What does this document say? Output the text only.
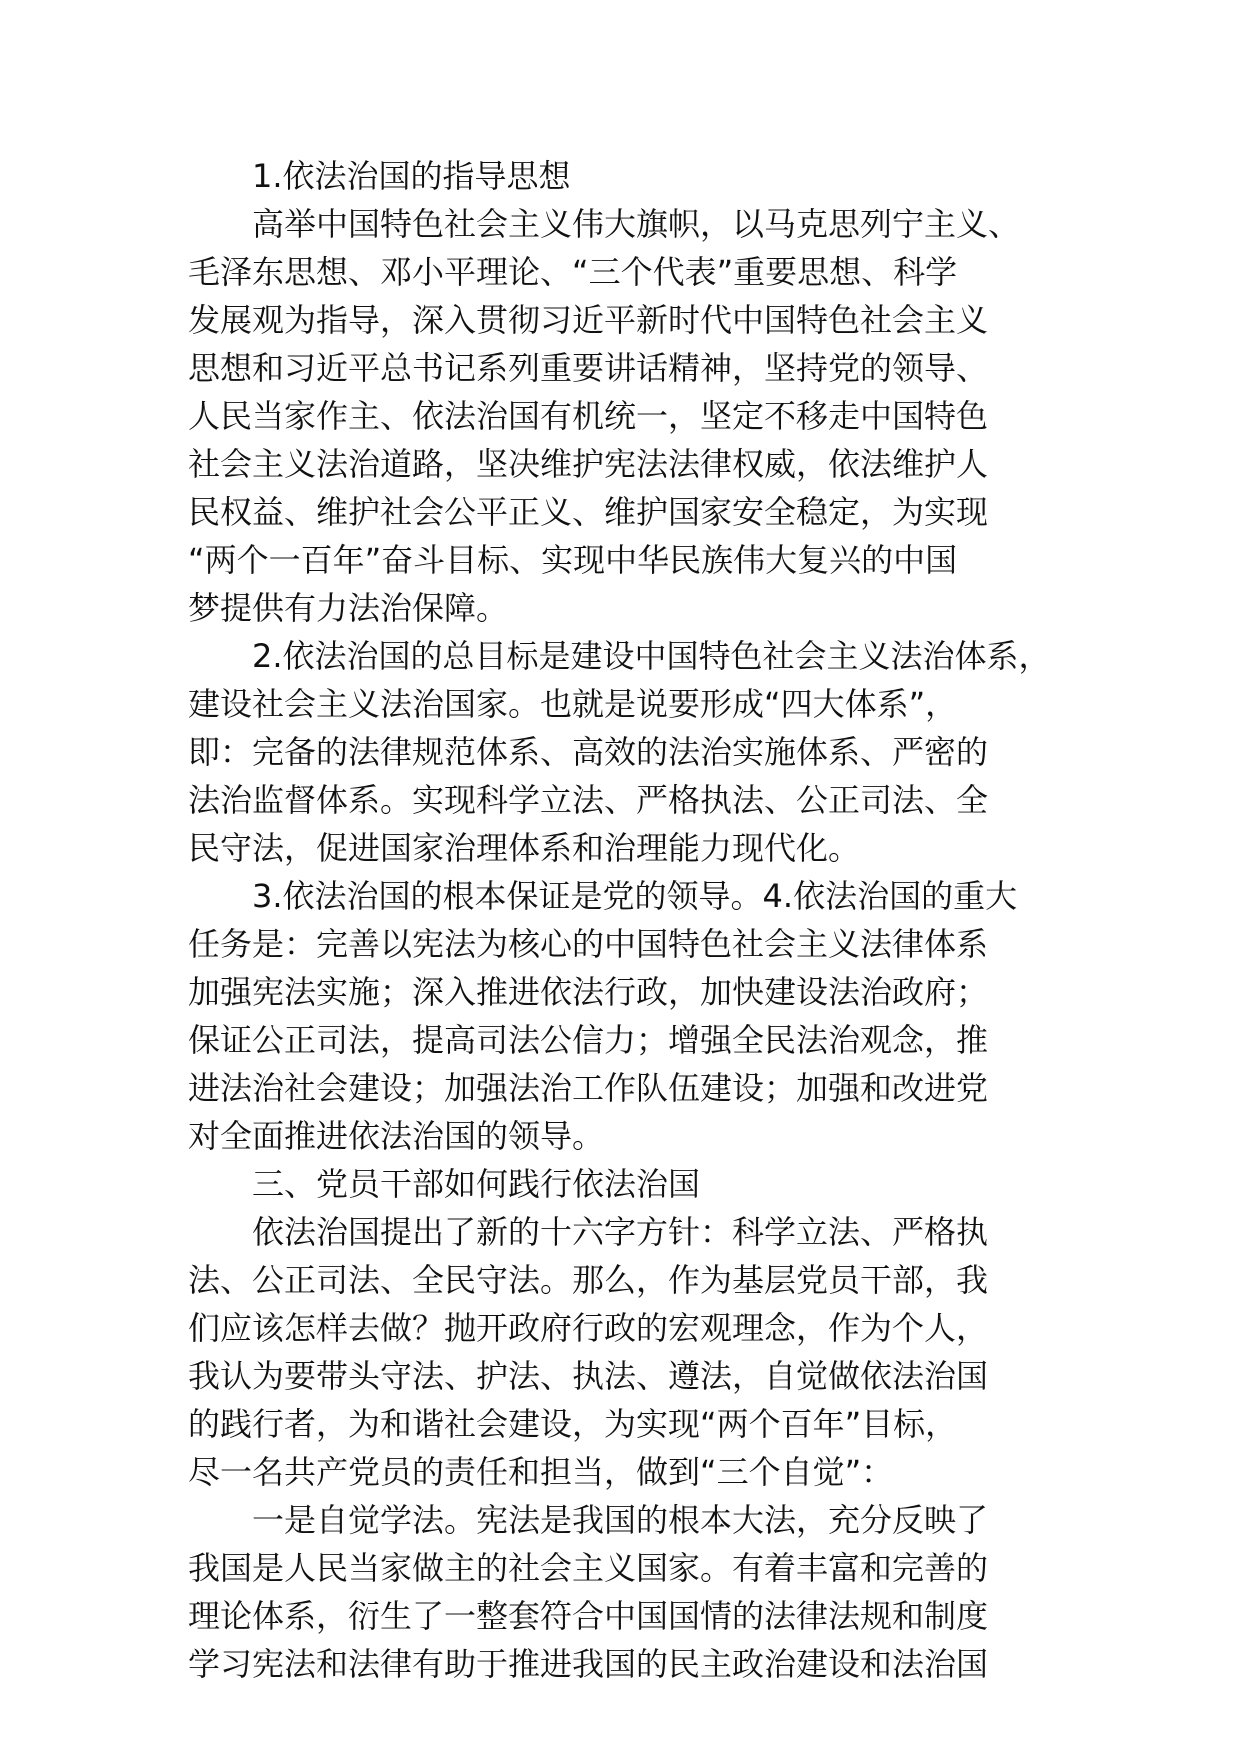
1.依法治国的指导思想
高举中国特色社会主义伟大旗帜，以马克思列宁主义、
毛泽东思想、邓小平理论、“三个代表”重要思想、科学
发展观为指导，深入贯彻习近平新时代中国特色社会主义
思想和习近平总书记系列重要讲话精神，坚持党的领导、
人民当家作主、依法治国有机统一，坚定不移走中国特色
社会主义法治道路，坚决维护宪法法律权威，依法维护人
民权益、维护社会公平正义、维护国家安全稳定，为实现
“两个一百年”奋斗目标、实现中华民族伟大复兴的中国
梦提供有力法治保障。
2.依法治国的总目标是建设中国特色社会主义法治体系，
建设社会主义法治国家。也就是说要形成“四大体系”，
即：完备的法律规范体系、高效的法治实施体系、严密的
法治监督体系。实现科学立法、严格执法、公正司法、全
民守法，促进国家治理体系和治理能力现代化。
3.依法治国的根本保证是党的领导。4.依法治国的重大
任务是：完善以宪法为核心的中国特色社会主义法律体系
加强宪法实施；深入推进依法行政，加快建设法治政府；
保证公正司法，提高司法公信力；增强全民法治观念，推
进法治社会建设；加强法治工作队伍建设；加强和改进党
对全面推进依法治国的领导。
三、党员干部如何践行依法治国
依法治国提出了新的十六字方针：科学立法、严格执
法、公正司法、全民守法。那么，作为基层党员干部，我
们应该怎样去做？抛开政府行政的宏观理念，作为个人，
我认为要带头守法、护法、执法、遵法，自觉做依法治国
的践行者，为和谐社会建设，为实现“两个百年”目标，
尽一名共产党员的责任和担当，做到“三个自觉”：
一是自觉学法。宪法是我国的根本大法，充分反映了
我国是人民当家做主的社会主义国家。有着丰富和完善的
理论体系，衍生了一整套符合中国国情的法律法规和制度
学习宪法和法律有助于推进我国的民主政治建设和法治国
